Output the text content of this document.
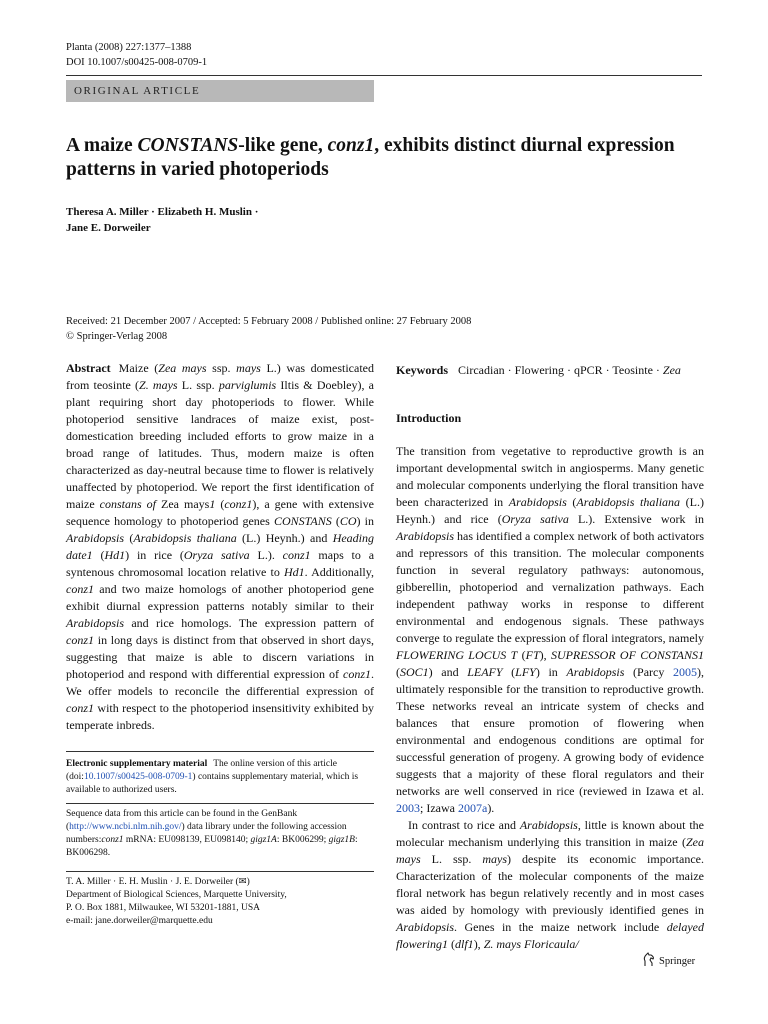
Planta (2008) 227:1377–1388
DOI 10.1007/s00425-008-0709-1
ORIGINAL ARTICLE
A maize CONSTANS-like gene, conz1, exhibits distinct diurnal expression patterns in varied photoperiods
Theresa A. Miller · Elizabeth H. Muslin ·
Jane E. Dorweiler
Received: 21 December 2007 / Accepted: 5 February 2008 / Published online: 27 February 2008
© Springer-Verlag 2008
Abstract Maize (Zea mays ssp. mays L.) was domesticated from teosinte (Z. mays L. ssp. parviglumis Iltis & Doebley), a plant requiring short day photoperiods to flower. While photoperiod sensitive landraces of maize exist, post-domestication breeding included efforts to grow maize in a broad range of latitudes. Thus, modern maize is often characterized as day-neutral because time to flower is relatively unaffected by photoperiod. We report the first identification of maize constans of Zea mays1 (conz1), a gene with extensive sequence homology to photoperiod genes CONSTANS (CO) in Arabidopsis (Arabidopsis thaliana (L.) Heynh.) and Heading date1 (Hd1) in rice (Oryza sativa L.). conz1 maps to a syntenous chromosomal location relative to Hd1. Additionally, conz1 and two maize homologs of another photoperiod gene exhibit diurnal expression patterns notably similar to their Arabidopsis and rice homologs. The expression pattern of conz1 in long days is distinct from that observed in short days, suggesting that maize is able to discern variations in photoperiod and respond with differential expression of conz1. We offer models to reconcile the differential expression of conz1 with respect to the photoperiod insensitivity exhibited by temperate inbreds.
Electronic supplementary material The online version of this article (doi:10.1007/s00425-008-0709-1) contains supplementary material, which is available to authorized users.
Sequence data from this article can be found in the GenBank (http://www.ncbi.nlm.nih.gov/) data library under the following accession numbers:conz1 mRNA: EU098139, EU098140; gigz1A: BK006299; gigz1B: BK006298.
T. A. Miller · E. H. Muslin · J. E. Dorweiler (✉)
Department of Biological Sciences, Marquette University,
P. O. Box 1881, Milwaukee, WI 53201-1881, USA
e-mail: jane.dorweiler@marquette.edu
Keywords Circadian · Flowering · qPCR · Teosinte · Zea
Introduction

The transition from vegetative to reproductive growth is an important developmental switch in angiosperms. Many genetic and molecular components underlying the floral transition have been characterized in Arabidopsis (Arabidopsis thaliana (L.) Heynh.) and rice (Oryza sativa L.). Extensive work in Arabidopsis has identified a complex network of both activators and repressors of this transition. The molecular components function in several regulatory pathways: autonomous, gibberellin, photoperiod and vernalization pathways. Each independent pathway works in response to different environmental and endogenous signals. These pathways converge to regulate the expression of floral integrators, namely FLOWERING LOCUS T (FT), SUPRESSOR OF CONSTANS1 (SOC1) and LEAFY (LFY) in Arabidopsis (Parcy 2005), ultimately responsible for the transition to reproductive growth. These networks reveal an intricate system of checks and balances that ensure promotion of flowering when environmental and endogenous conditions are optimal for successful generation of progeny. A growing body of evidence suggests that a majority of these floral regulators and their networks are well conserved in rice (reviewed in Izawa et al. 2003; Izawa 2007a).

In contrast to rice and Arabidopsis, little is known about the molecular mechanism underlying this transition in maize (Zea mays L. ssp. mays) despite its economic importance. Characterization of the molecular components of the maize floral network has begun relatively recently and in most cases was aided by homology with previously identified genes in Arabidopsis. Genes in the maize network include delayed flowering1 (dlf1), Z. mays Floricaula/

Springer
